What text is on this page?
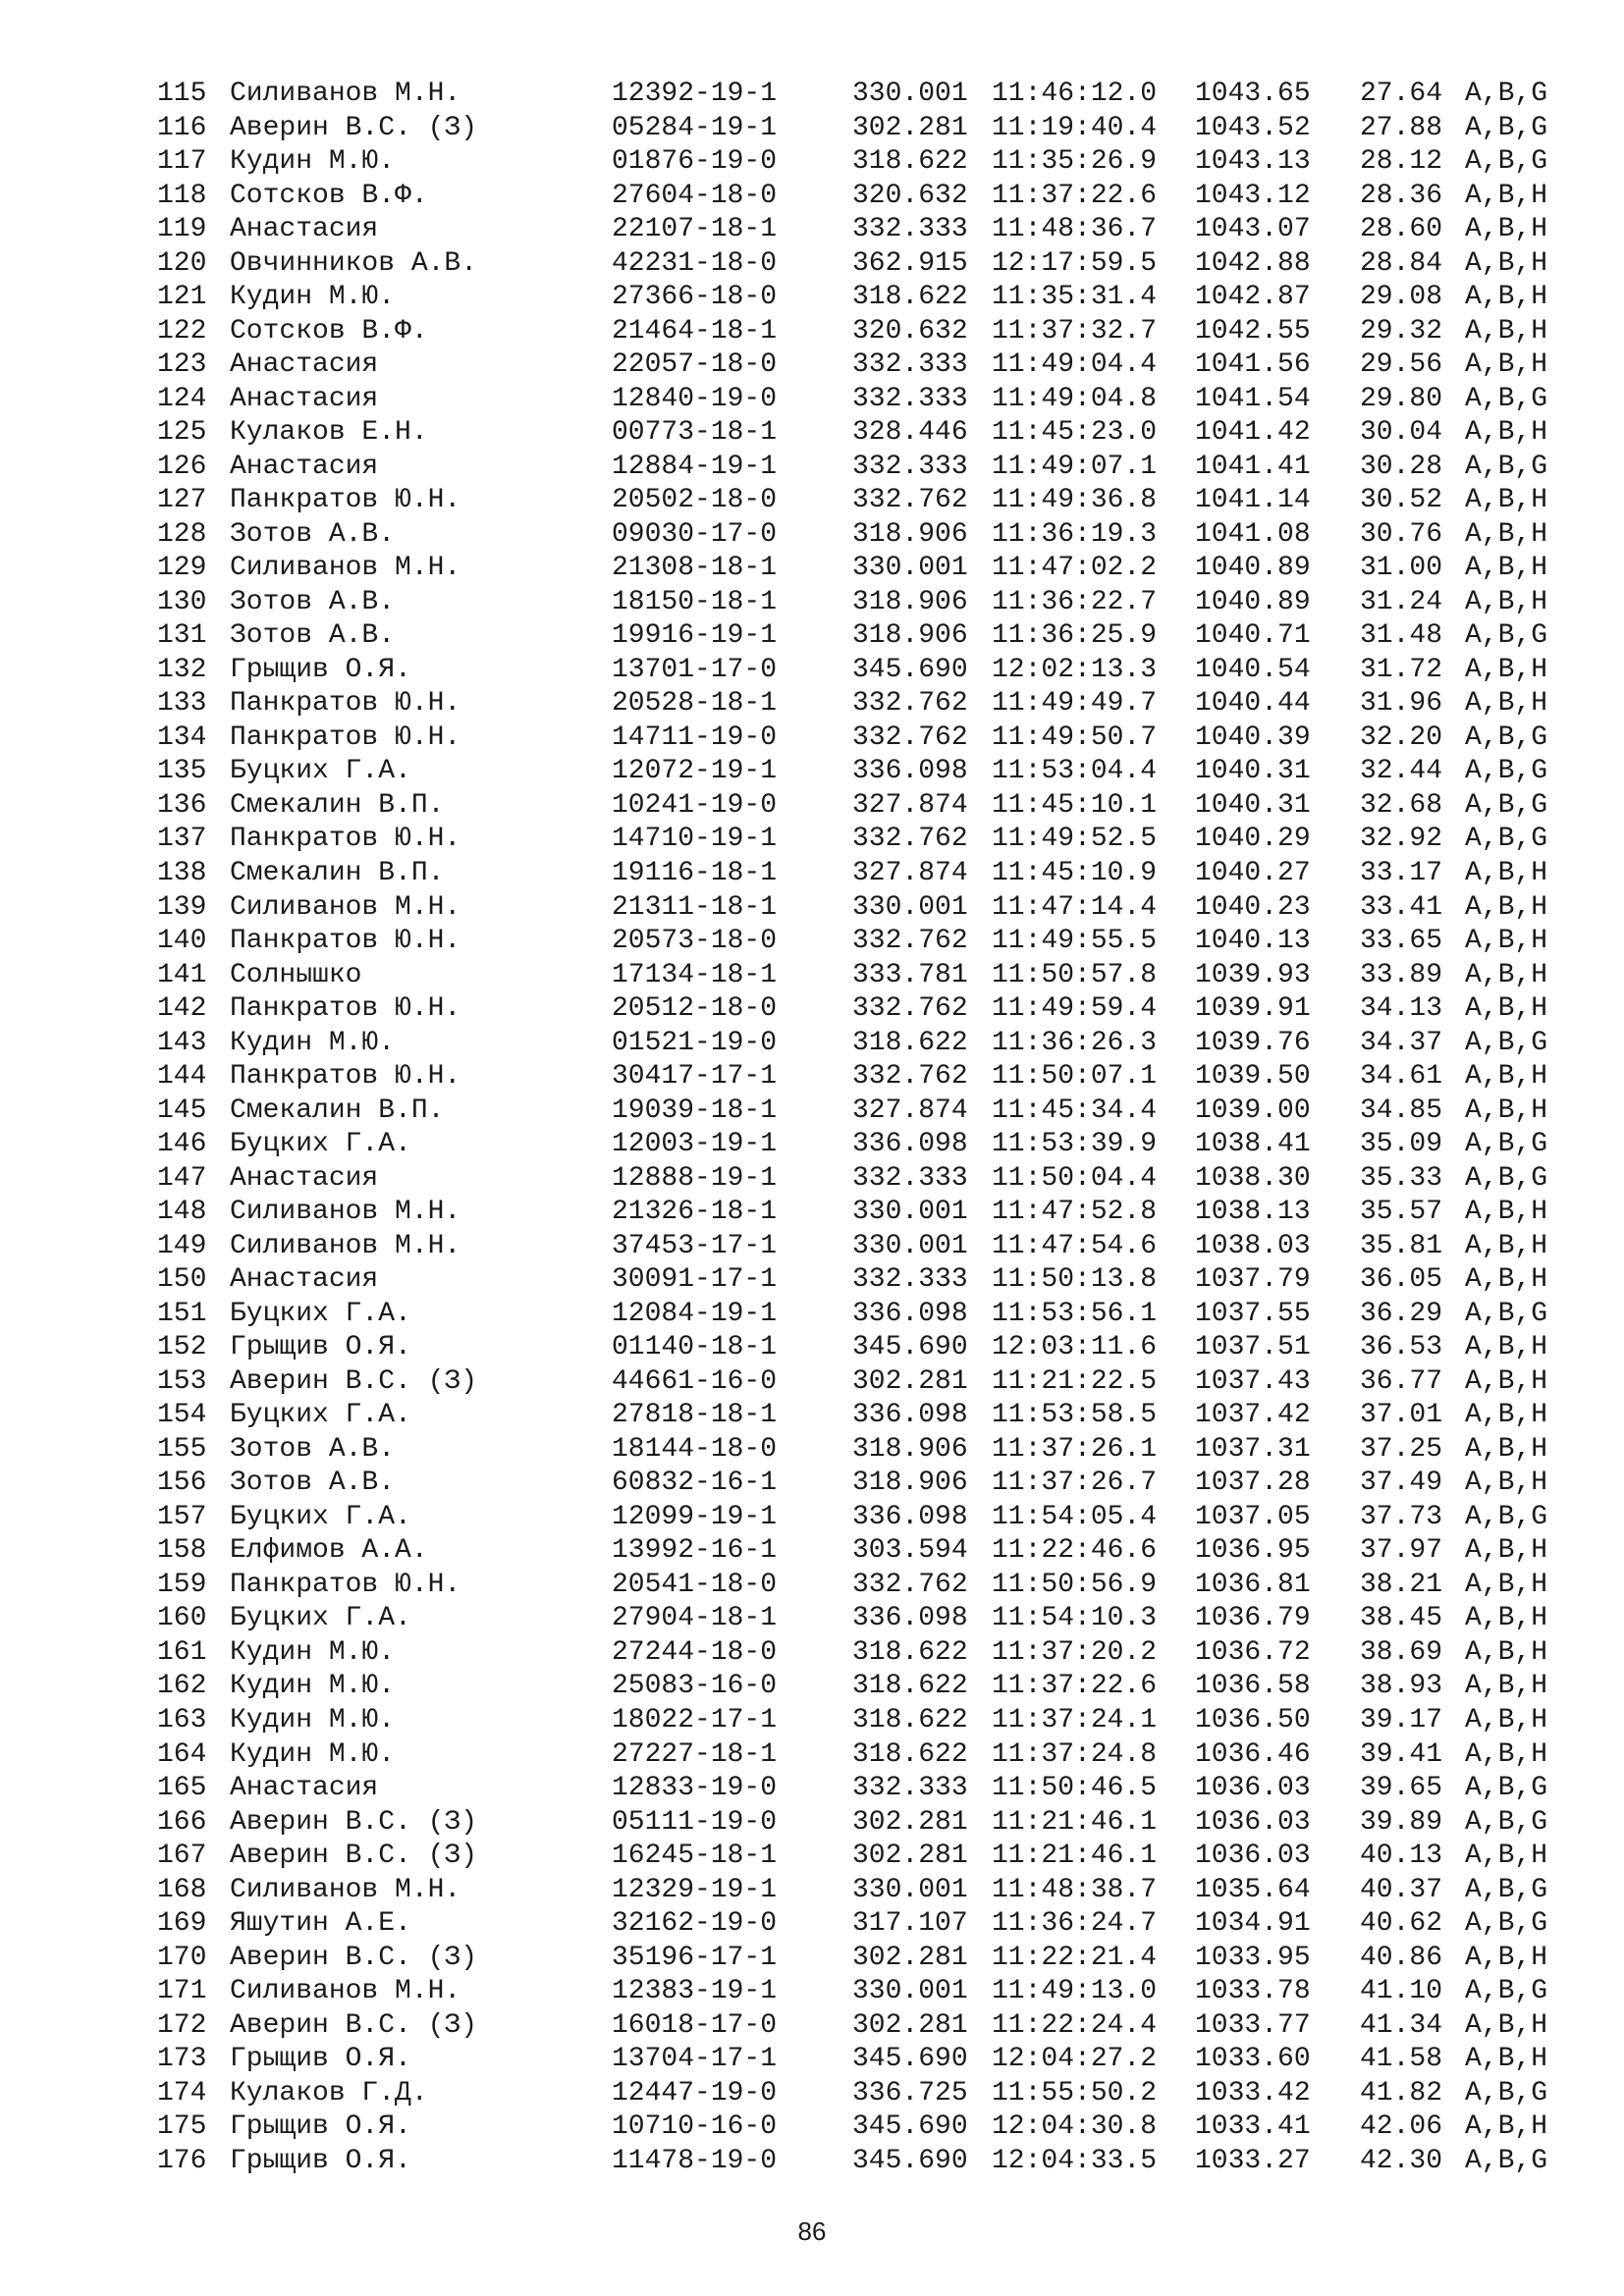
115 Силиванов М.Н.	12392-19-1	330.001 11:46:12.0 1043.65 27.64 A,B,G
116 Аверин В.С. (З)	05284-19-1	302.281 11:19:40.4 1043.52 27.88 A,B,G
117 Кудин М.Ю.	01876-19-0	318.622 11:35:26.9 1043.13 28.12 A,B,G
118 Сотсков В.Ф.	27604-18-0	320.632 11:37:22.6 1043.12 28.36 A,B,H
119 Анастасия	22107-18-1	332.333 11:48:36.7 1043.07 28.60 A,B,H
120 Овчинников А.В.	42231-18-0	362.915 12:17:59.5 1042.88 28.84 A,B,H
121 Кудин М.Ю.	27366-18-0	318.622 11:35:31.4 1042.87 29.08 A,B,H
122 Сотсков В.Ф.	21464-18-1	320.632 11:37:32.7 1042.55 29.32 A,B,H
123 Анастасия	22057-18-0	332.333 11:49:04.4 1041.56 29.56 A,B,H
124 Анастасия	12840-19-0	332.333 11:49:04.8 1041.54 29.80 A,B,G
125 Кулаков Е.Н.	00773-18-1	328.446 11:45:23.0 1041.42 30.04 A,B,H
126 Анастасия	12884-19-1	332.333 11:49:07.1 1041.41 30.28 A,B,G
127 Панкратов Ю.Н.	20502-18-0	332.762 11:49:36.8 1041.14 30.52 A,B,H
128 Зотов А.В.	09030-17-0	318.906 11:36:19.3 1041.08 30.76 A,B,H
129 Силиванов М.Н.	21308-18-1	330.001 11:47:02.2 1040.89 31.00 A,B,H
130 Зотов А.В.	18150-18-1	318.906 11:36:22.7 1040.89 31.24 A,B,H
131 Зотов А.В.	19916-19-1	318.906 11:36:25.9 1040.71 31.48 A,B,G
132 Грыщив О.Я.	13701-17-0	345.690 12:02:13.3 1040.54 31.72 A,B,H
133 Панкратов Ю.Н.	20528-18-1	332.762 11:49:49.7 1040.44 31.96 A,B,H
134 Панкратов Ю.Н.	14711-19-0	332.762 11:49:50.7 1040.39 32.20 A,B,G
135 Буцких Г.А.	12072-19-1	336.098 11:53:04.4 1040.31 32.44 A,B,G
136 Смекалин В.П.	10241-19-0	327.874 11:45:10.1 1040.31 32.68 A,B,G
137 Панкратов Ю.Н.	14710-19-1	332.762 11:49:52.5 1040.29 32.92 A,B,G
138 Смекалин В.П.	19116-18-1	327.874 11:45:10.9 1040.27 33.17 A,B,H
139 Силиванов М.Н.	21311-18-1	330.001 11:47:14.4 1040.23 33.41 A,B,H
140 Панкратов Ю.Н.	20573-18-0	332.762 11:49:55.5 1040.13 33.65 A,B,H
141 Солнышко	17134-18-1	333.781 11:50:57.8 1039.93 33.89 A,B,H
142 Панкратов Ю.Н.	20512-18-0	332.762 11:49:59.4 1039.91 34.13 A,B,H
143 Кудин М.Ю.	01521-19-0	318.622 11:36:26.3 1039.76 34.37 A,B,G
144 Панкратов Ю.Н.	30417-17-1	332.762 11:50:07.1 1039.50 34.61 A,B,H
145 Смекалин В.П.	19039-18-1	327.874 11:45:34.4 1039.00 34.85 A,B,H
146 Буцких Г.А.	12003-19-1	336.098 11:53:39.9 1038.41 35.09 A,B,G
147 Анастасия	12888-19-1	332.333 11:50:04.4 1038.30 35.33 A,B,G
148 Силиванов М.Н.	21326-18-1	330.001 11:47:52.8 1038.13 35.57 A,B,H
149 Силиванов М.Н.	37453-17-1	330.001 11:47:54.6 1038.03 35.81 A,B,H
150 Анастасия	30091-17-1	332.333 11:50:13.8 1037.79 36.05 A,B,H
151 Буцких Г.А.	12084-19-1	336.098 11:53:56.1 1037.55 36.29 A,B,G
152 Грыщив О.Я.	01140-18-1	345.690 12:03:11.6 1037.51 36.53 A,B,H
153 Аверин В.С. (З)	44661-16-0	302.281 11:21:22.5 1037.43 36.77 A,B,H
154 Буцких Г.А.	27818-18-1	336.098 11:53:58.5 1037.42 37.01 A,B,H
155 Зотов А.В.	18144-18-0	318.906 11:37:26.1 1037.31 37.25 A,B,H
156 Зотов А.В.	60832-16-1	318.906 11:37:26.7 1037.28 37.49 A,B,H
157 Буцких Г.А.	12099-19-1	336.098 11:54:05.4 1037.05 37.73 A,B,G
158 Елфимов А.А.	13992-16-1	303.594 11:22:46.6 1036.95 37.97 A,B,H
159 Панкратов Ю.Н.	20541-18-0	332.762 11:50:56.9 1036.81 38.21 A,B,H
160 Буцких Г.А.	27904-18-1	336.098 11:54:10.3 1036.79 38.45 A,B,H
161 Кудин М.Ю.	27244-18-0	318.622 11:37:20.2 1036.72 38.69 A,B,H
162 Кудин М.Ю.	25083-16-0	318.622 11:37:22.6 1036.58 38.93 A,B,H
163 Кудин М.Ю.	18022-17-1	318.622 11:37:24.1 1036.50 39.17 A,B,H
164 Кудин М.Ю.	27227-18-1	318.622 11:37:24.8 1036.46 39.41 A,B,H
165 Анастасия	12833-19-0	332.333 11:50:46.5 1036.03 39.65 A,B,G
166 Аверин В.С. (З)	05111-19-0	302.281 11:21:46.1 1036.03 39.89 A,B,G
167 Аверин В.С. (З)	16245-18-1	302.281 11:21:46.1 1036.03 40.13 A,B,H
168 Силиванов М.Н.	12329-19-1	330.001 11:48:38.7 1035.64 40.37 A,B,G
169 Яшутин А.Е.	32162-19-0	317.107 11:36:24.7 1034.91 40.62 A,B,G
170 Аверин В.С. (З)	35196-17-1	302.281 11:22:21.4 1033.95 40.86 A,B,H
171 Силиванов М.Н.	12383-19-1	330.001 11:49:13.0 1033.78 41.10 A,B,G
172 Аверин В.С. (З)	16018-17-0	302.281 11:22:24.4 1033.77 41.34 A,B,H
173 Грыщив О.Я.	13704-17-1	345.690 12:04:27.2 1033.60 41.58 A,B,H
174 Кулаков Г.Д.	12447-19-0	336.725 11:55:50.2 1033.42 41.82 A,B,G
175 Грыщив О.Я.	10710-16-0	345.690 12:04:30.8 1033.41 42.06 A,B,H
176 Грыщив О.Я.	11478-19-0	345.690 12:04:33.5 1033.27 42.30 A,B,G
86
